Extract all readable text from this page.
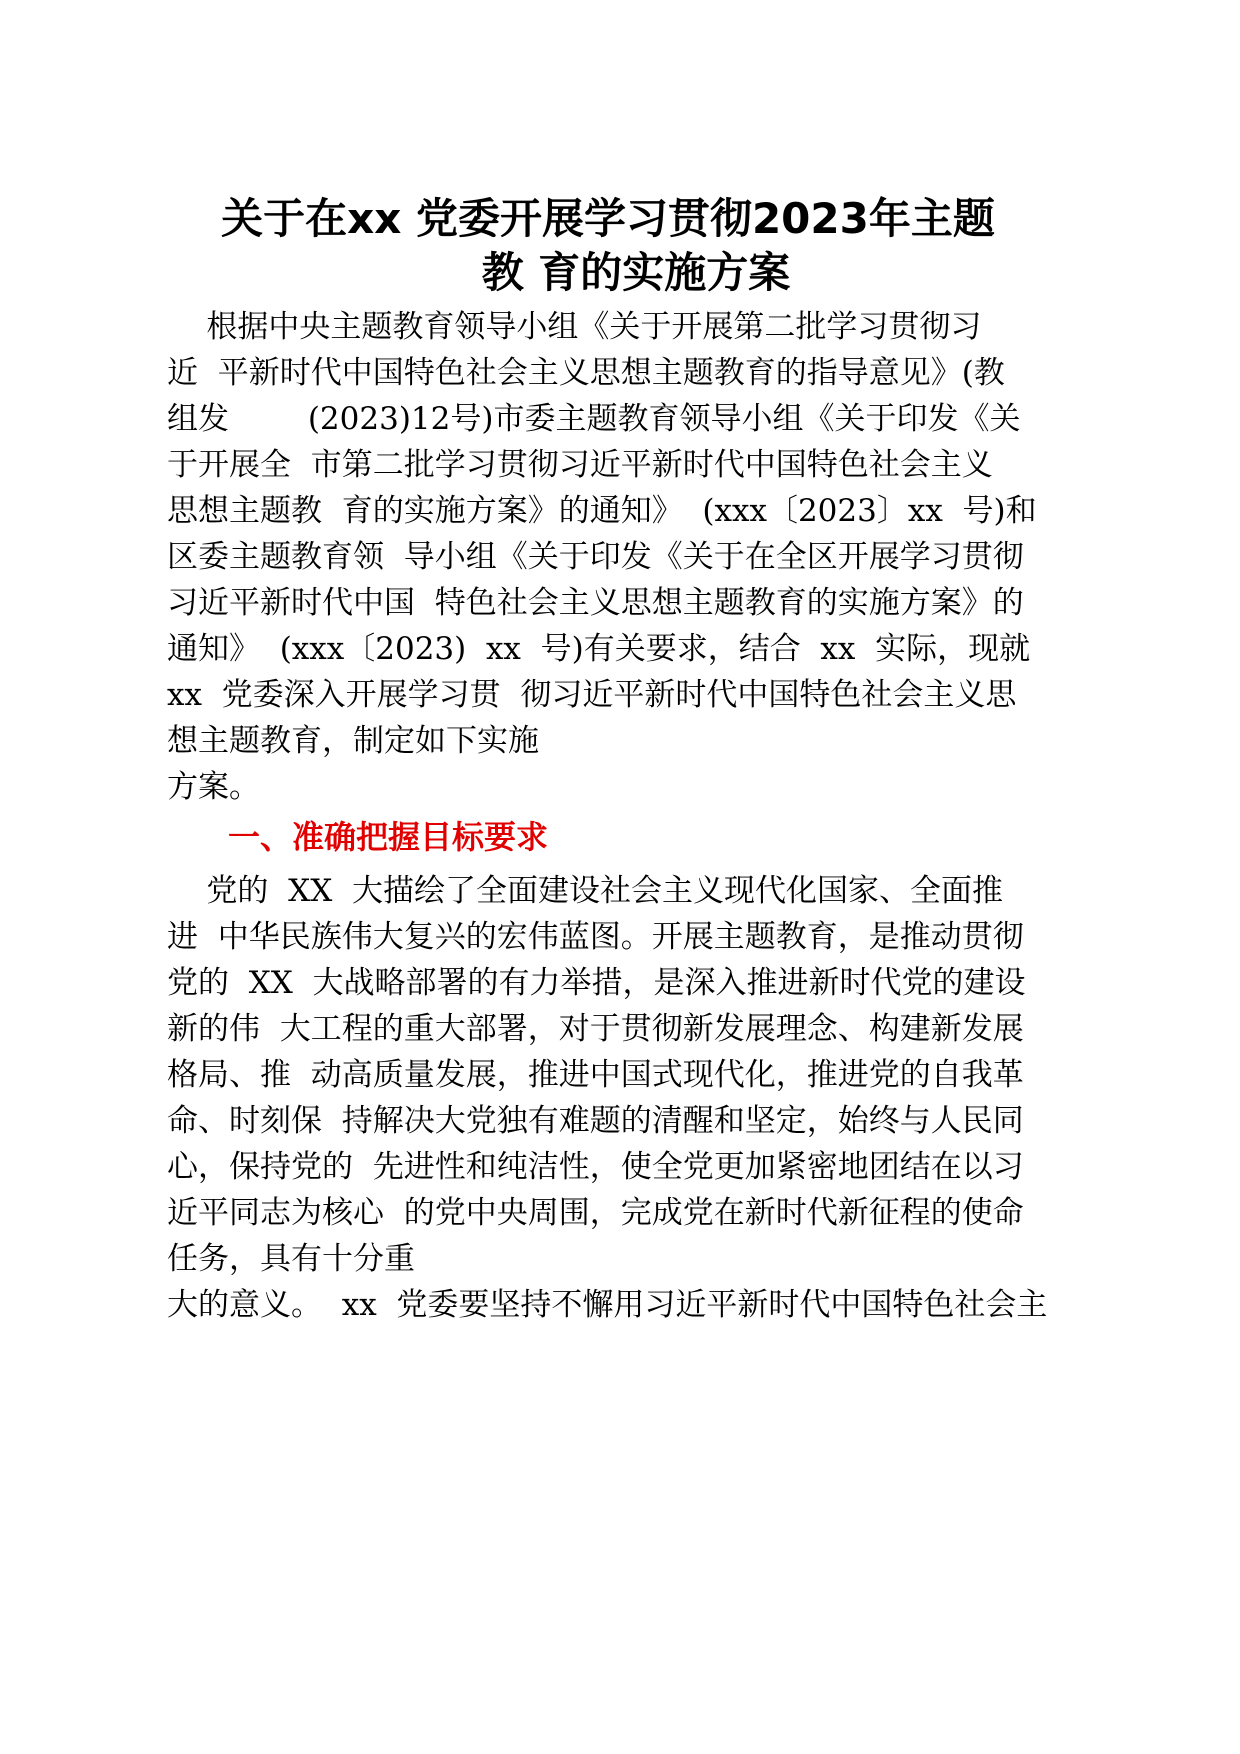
关于在xx 党委开展学习贯彻2023年主题
教 育的实施方案

根据中央主题教育领导小组《关于开展第二批学习贯彻习

近  平新时代中国特色社会主义思想主题教育的指导意见》(教

组发        (2023)12号)市委主题教育领导小组《关于印发《关

于开展全  市第二批学习贯彻习近平新时代中国特色社会主义

思想主题教  育的实施方案》的通知》  (xxx〔2023〕xx  号)和

区委主题教育领  导小组《关于印发《关于在全区开展学习贯彻

习近平新时代中国  特色社会主义思想主题教育的实施方案》的

通知》  (xxx〔2023)  xx  号)有关要求，结合  xx  实际，现就

xx  党委深入开展学习贯  彻习近平新时代中国特色社会主义思

想主题教育，制定如下实施

方案。

一、准确把握目标要求

党的  XX  大描绘了全面建设社会主义现代化国家、全面推

进  中华民族伟大复兴的宏伟蓝图。开展主题教育，是推动贯彻

党的  XX  大战略部署的有力举措，是深入推进新时代党的建设

新的伟  大工程的重大部署，对于贯彻新发展理念、构建新发展

格局、推  动高质量发展，推进中国式现代化，推进党的自我革

命、时刻保  持解决大党独有难题的清醒和坚定，始终与人民同

心，保持党的  先进性和纯洁性，使全党更加紧密地团结在以习

近平同志为核心  的党中央周围，完成党在新时代新征程的使命

任务，具有十分重

大的意义。  xx  党委要坚持不懈用习近平新时代中国特色社会主
